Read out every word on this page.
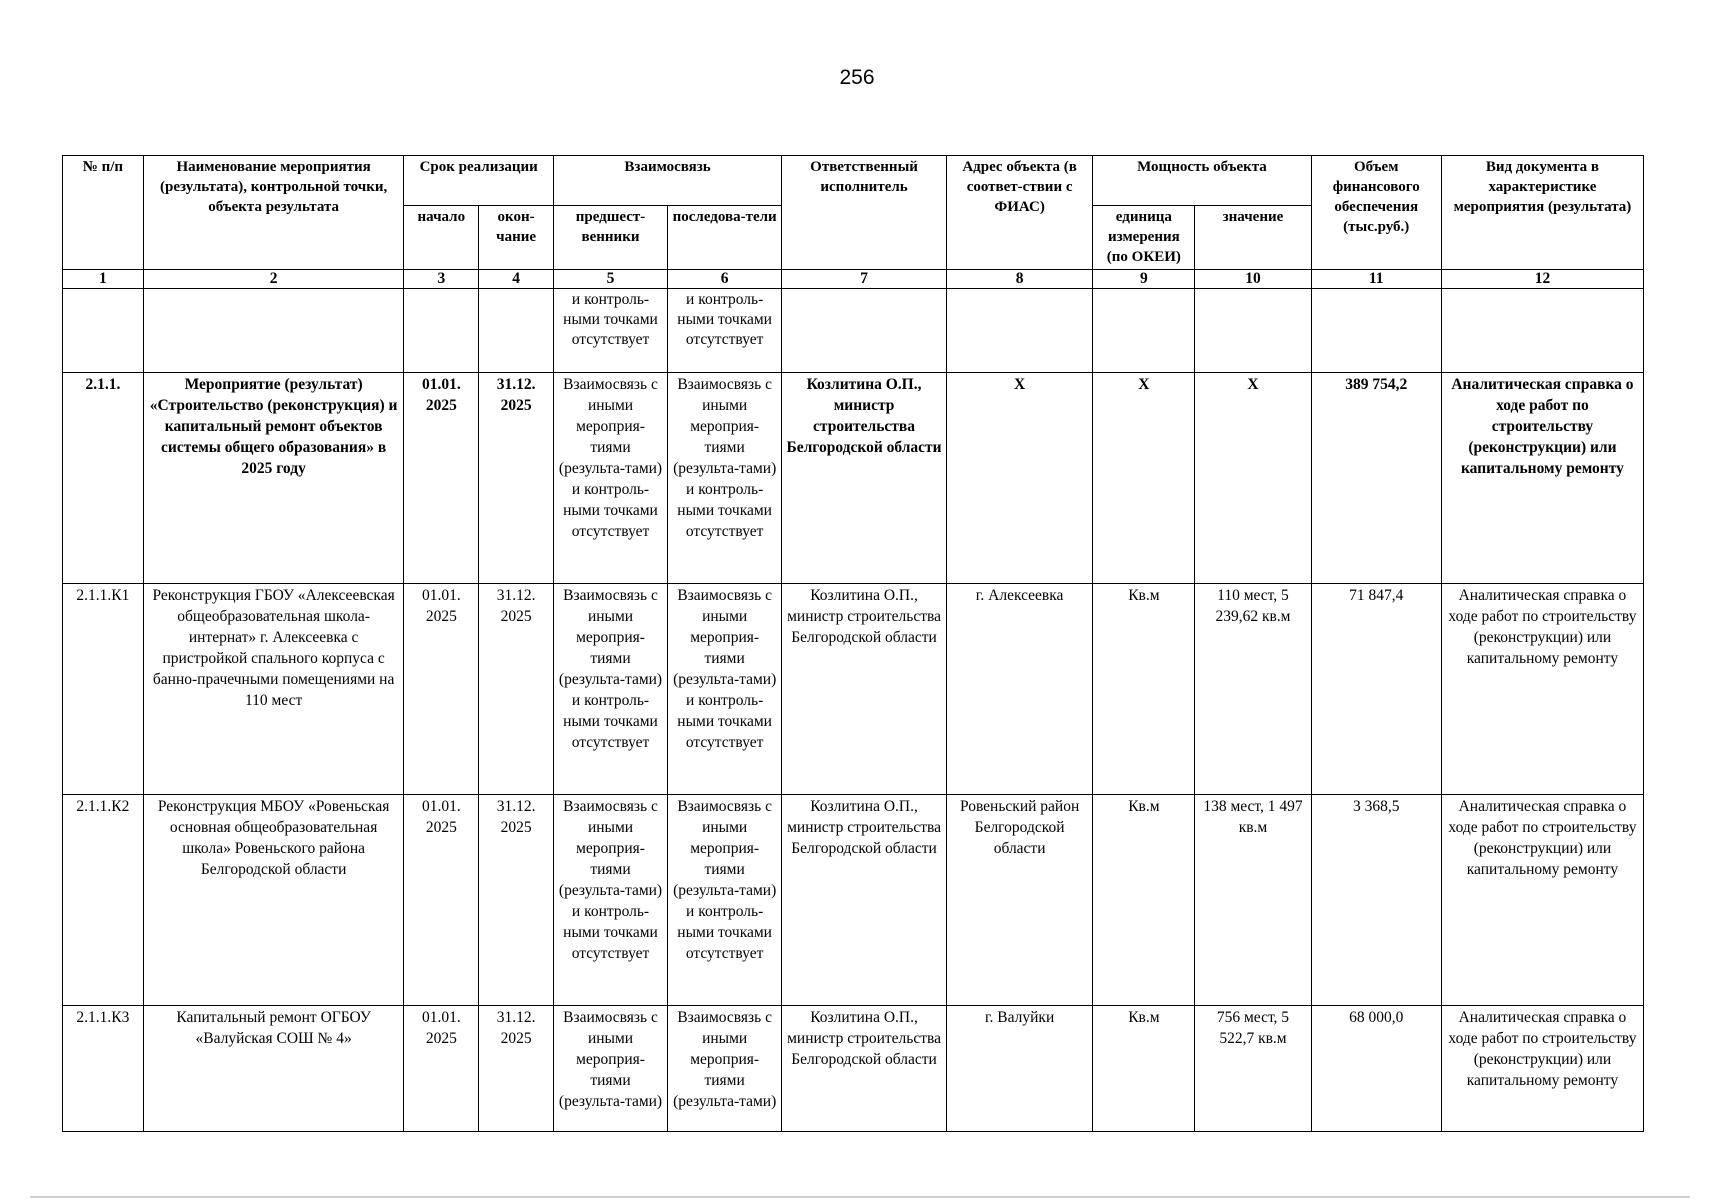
256
№ п/п	Наименование мероприятия (результата), контрольной точки, объекта результата	Срок реализации		Взаимосвязь		Ответственный исполнитель	Адрес объекта (в соответ-ствии с ФИАС)	Мощность объекта		Объем финансового обеспечения (тыс.руб.)	Вид документа в характеристике мероприятия (результата)
		начало	окон-чание	предшест-венники	последова-тели			единица измерения (по ОКЕИ)	значение		
1	2	3	4	5	6	7	8	9	10	11	12
				и контроль-ными точками отсутствует	и контроль-ными точками отсутствует						
2.1.1.	Мероприятие (результат) «Строительство (реконструкция) и капитальный ремонт объектов системы общего образования» в 2025 году	01.01. 2025	31.12. 2025	Взаимосвязь с иными мероприя-тиями (результа-тами) и контроль-ными точками отсутствует	Взаимосвязь с иными мероприя-тиями (результа-тами) и контроль-ными точками отсутствует	Козлитина О.П., министр строительства Белгородской области	Х	Х	Х	389 754,2	Аналитическая справка о ходе работ по строительству (реконструкции) или капитальному ремонту
2.1.1.К1	Реконструкция ГБОУ «Алексеевская общеобразовательная школа-интернат» г. Алексеевка с пристройкой спального корпуса с банно-прачечными помещениями на 110 мест	01.01. 2025	31.12. 2025	Взаимосвязь с иными мероприя-тиями (результа-тами) и контроль-ными точками отсутствует	Взаимосвязь с иными мероприя-тиями (результа-тами) и контроль-ными точками отсутствует	Козлитина О.П., министр строительства Белгородской области	г. Алексеевка	Кв.м	110 мест, 5 239,62 кв.м	71 847,4	Аналитическая справка о ходе работ по строительству (реконструкции) или капитальному ремонту
2.1.1.К2	Реконструкция МБОУ «Ровеньская основная общеобразовательная школа» Ровеньского района Белгородской области	01.01. 2025	31.12. 2025	Взаимосвязь с иными мероприя-тиями (результа-тами) и контроль-ными точками отсутствует	Взаимосвязь с иными мероприя-тиями (результа-тами) и контроль-ными точками отсутствует	Козлитина О.П., министр строительства Белгородской области	Ровеньский район Белгородской области	Кв.м	138 мест, 1 497 кв.м	3 368,5	Аналитическая справка о ходе работ по строительству (реконструкции) или капитальному ремонту
2.1.1.К3	Капитальный ремонт ОГБОУ «Валуйская СОШ № 4»	01.01. 2025	31.12. 2025	Взаимосвязь с иными мероприя-тиями (результа-тами)	Взаимосвязь с иными мероприя-тиями (результа-тами)	Козлитина О.П., министр строительства Белгородской области	г. Валуйки	Кв.м	756 мест, 5 522,7 кв.м	68 000,0	Аналитическая справка о ходе работ по строительству (реконструкции) или капитальному ремонту
